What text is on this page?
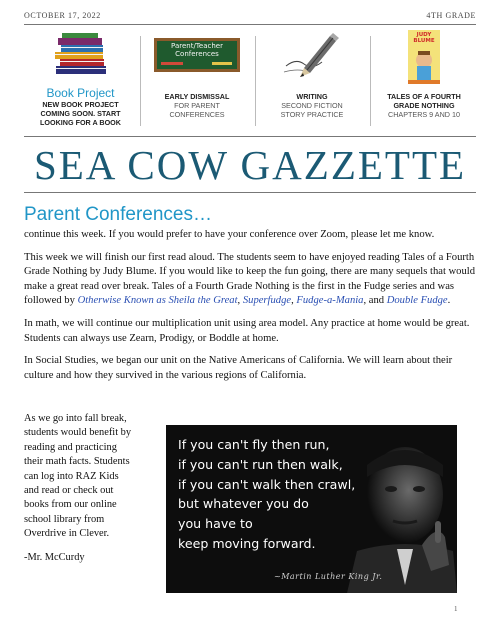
OCTOBER 17, 2022	4TH GRADE
Book Project
NEW BOOK PROJECT
COMING SOON. START
LOOKING FOR A BOOK
Parent/Teacher Conferences
EARLY DISMISSAL
FOR PARENT
CONFERENCES
WRITING
SECOND FICTION
STORY PRACTICE
JUDY BLUME
TALES OF A FOURTH
GRADE NOTHING
CHAPTERS 9 AND 10
SEA COW GAZZETTE
Parent Conferences…

continue this week. If you would prefer to have your conference over Zoom, please let me know.

This week we will finish our first read aloud. The students seem to have enjoyed reading Tales of a Fourth Grade Nothing by Judy Blume. If you would like to keep the fun going, there are many sequels that would make a great read over break. Tales of a Fourth Grade Nothing is the first in the Fudge series and was followed by Otherwise Known as Sheila the Great, Superfudge, Fudge-a-Mania, and Double Fudge.

In math, we will continue our multiplication unit using area model. Any practice at home would be great. Students can always use Zearn, Prodigy, or Boddle at home.

In Social Studies, we began our unit on the Native Americans of California. We will learn about their culture and how they survived in the various regions of California.

As we go into fall break, students would benefit by reading and practicing their math facts. Students can log into RAZ Kids and read or check out books from our online school library from Overdrive in Clever.

-Mr. McCurdy

If you can't fly then run,
if you can't run then walk,
if you can't walk then crawl,
but whatever you do
you have to
keep moving forward.
~Martin Luther King Jr.
1
